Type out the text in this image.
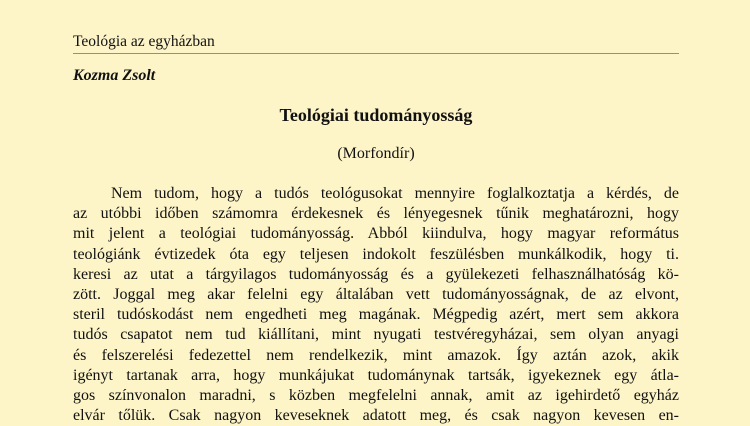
Teológia az egyházban
Kozma Zsolt
Teológiai tudományosság
(Morfondír)
Nem tudom, hogy a tudós teológusokat mennyire foglalkoztatja a kérdés, de
az utóbbi időben számomra érdekesnek és lényegesnek tűnik meghatározni, hogy
mit jelent a teológiai tudományosság. Abból kiindulva, hogy magyar református
teológiánk évtizedek óta egy teljesen indokolt feszülésben munkálkodik, hogy ti.
keresi az utat a tárgyilagos tudományosság és a gyülekezeti felhasználhatóság kö-
zött. Joggal meg akar felelni egy általában vett tudományosságnak, de az elvont,
steril tudóskodást nem engedheti meg magának. Mégpedig azért, mert sem akkora
tudós csapatot nem tud kiállítani, mint nyugati testvéregyházai, sem olyan anyagi
és felszerelési fedezettel nem rendelkezik, mint amazok. Így aztán azok, akik
igényt tartanak arra, hogy munkájukat tudománynak tartsák, igyekeznek egy átla-
gos színvonalon maradni, s közben megfelelni annak, amit az igehirdető egyház
elvár tőlük. Csak nagyon keveseknek adatott meg, és csak nagyon kevesen en-
